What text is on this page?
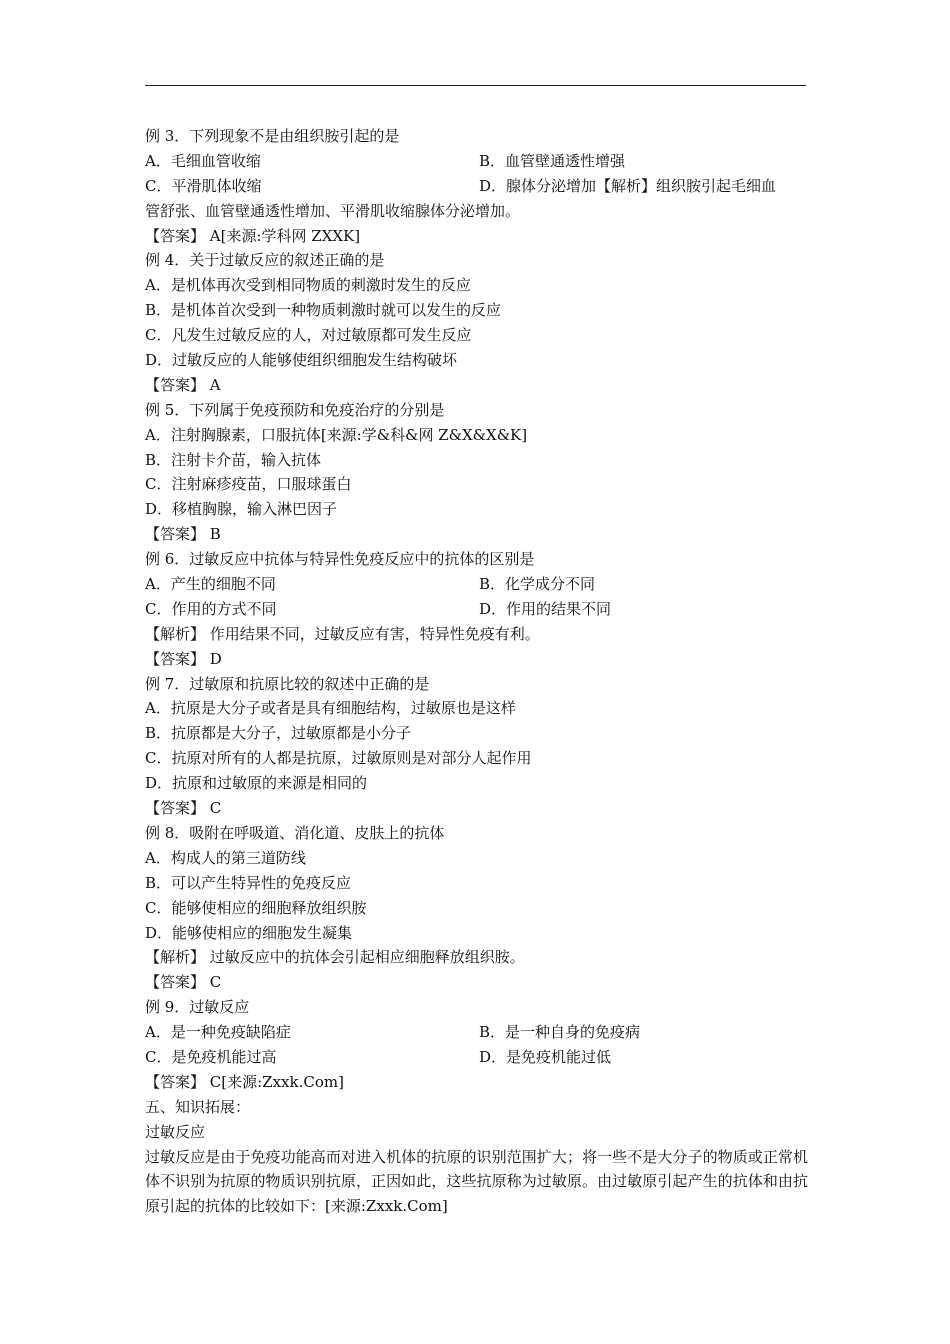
例 3．下列现象不是由组织胺引起的是
A．毛细血管收缩	B．血管壁通透性增强
C．平滑肌体收缩	D．腺体分泌增加【解析】组织胺引起毛细血
管舒张、血管壁通透性增加、平滑肌收缩腺体分泌增加。
【答案】 A[来源:学科网 ZXXK]
例 4．关于过敏反应的叙述正确的是
A．是机体再次受到相同物质的刺激时发生的反应
B．是机体首次受到一种物质刺激时就可以发生的反应
C．凡发生过敏反应的人，对过敏原都可发生反应
D．过敏反应的人能够使组织细胞发生结构破坏
【答案】 A
例 5．下列属于免疫预防和免疫治疗的分别是
A．注射胸腺素，口服抗体[来源:学&科&网 Z&X&X&K]
B．注射卡介苗，输入抗体
C．注射麻疹疫苗，口服球蛋白
D．移植胸腺，输入淋巴因子
【答案】 B
例 6．过敏反应中抗体与特异性免疫反应中的抗体的区别是
A．产生的细胞不同	B．化学成分不同
C．作用的方式不同	D．作用的结果不同
【解析】 作用结果不同，过敏反应有害，特异性免疫有利。
【答案】 D
例 7．过敏原和抗原比较的叙述中正确的是
A．抗原是大分子或者是具有细胞结构，过敏原也是这样
B．抗原都是大分子，过敏原都是小分子
C．抗原对所有的人都是抗原，过敏原则是对部分人起作用
D．抗原和过敏原的来源是相同的
【答案】 C
例 8．吸附在呼吸道、消化道、皮肤上的抗体
A．构成人的第三道防线
B．可以产生特异性的免疫反应
C．能够使相应的细胞释放组织胺
D．能够使相应的细胞发生凝集
【解析】 过敏反应中的抗体会引起相应细胞释放组织胺。
【答案】 C
例 9．过敏反应
A．是一种免疫缺陷症	B．是一种自身的免疫病
C．是免疫机能过高	D．是免疫机能过低
【答案】 C[来源:Zxxk.Com]
五、知识拓展：
过敏反应
过敏反应是由于免疫功能高而对进入机体的抗原的识别范围扩大；将一些不是大分子的物质或正常机体不识别为抗原的物质识别抗原，正因如此，这些抗原称为过敏原。由过敏原引起产生的抗体和由抗原引起的抗体的比较如下：[来源:Zxxk.Com]
